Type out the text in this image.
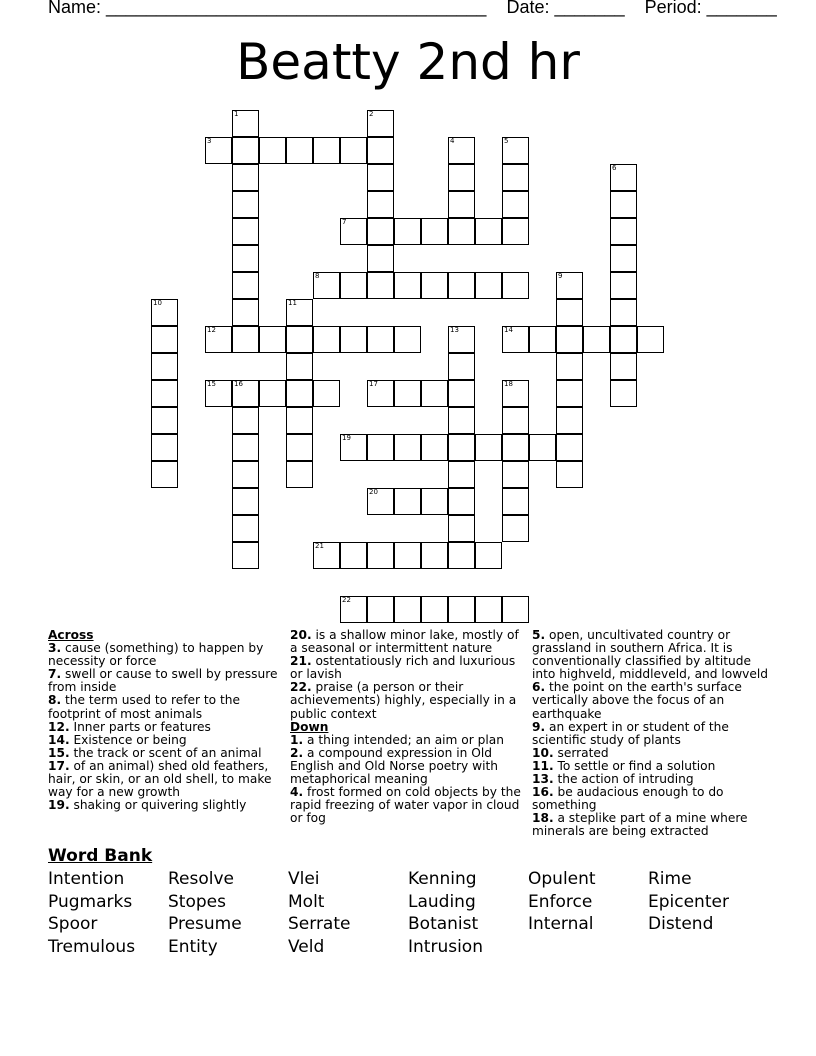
Name: ______________________________________ Date: _______ Period: _______
Beatty 2nd hr
1	2
3	4	5
6
7
8	9
10	11
12	13	14
15	16	17	18
19
20
21
22

Across

3. cause (something) to happen by necessity or force

7. swell or cause to swell by pressure from inside

8. the term used to refer to the footprint of most animals

12. Inner parts or features

14. Existence or being

15. the track or scent of an animal

17. of an animal) shed old feathers, hair, or skin, or an old shell, to make way for a new growth

19. shaking or quivering slightly

20. is a shallow minor lake, mostly of a seasonal or intermittent nature

21. ostentatiously rich and luxurious or lavish

22. praise (a person or their achievements) highly, especially in a public context

Down

1. a thing intended; an aim or plan

2. a compound expression in Old English and Old Norse poetry with metaphorical meaning

4. frost formed on cold objects by the rapid freezing of water vapor in cloud or fog

5. open, uncultivated country or grassland in southern Africa. It is conventionally classified by altitude into highveld, middleveld, and lowveld

6. the point on the earth's surface vertically above the focus of an earthquake

9. an expert in or student of the scientific study of plants

10. serrated

11. To settle or find a solution

13. the action of intruding

16. be audacious enough to do something

18. a steplike part of a mine where minerals are being extracted

Word Bank

Intention	Resolve	Vlei	Kenning	Opulent	Rime
Pugmarks	Stopes	Molt	Lauding	Enforce	Epicenter
Spoor	Presume	Serrate	Botanist	Internal	Distend
Tremulous	Entity	Veld	Intrusion
